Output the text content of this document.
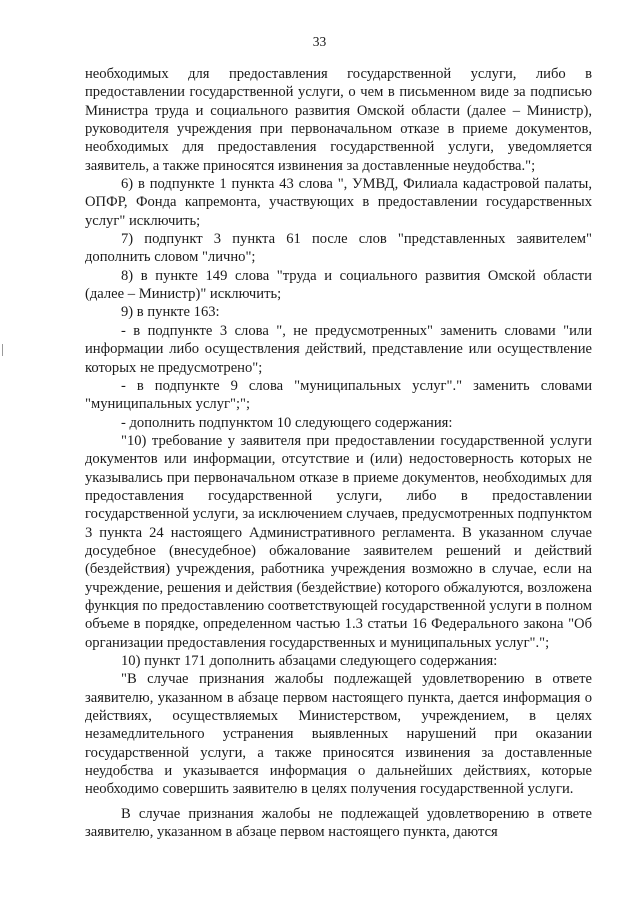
33

необходимых для предоставления государственной услуги, либо в предоставлении государственной услуги, о чем в письменном виде за подписью Министра труда и социального развития Омской области (далее – Министр), руководителя учреждения при первоначальном отказе в приеме документов, необходимых для предоставления государственной услуги, уведомляется заявитель, а также приносятся извинения за доставленные неудобства.";

6) в подпункте 1 пункта 43 слова ", УМВД, Филиала кадастровой палаты, ОПФР, Фонда капремонта, участвующих в предоставлении государственных услуг" исключить;

7) подпункт 3 пункта 61 после слов "представленных заявителем" дополнить словом "лично";

8) в пункте 149 слова "труда и социального развития Омской области (далее – Министр)" исключить;

9) в пункте 163:

- в подпункте 3 слова ", не предусмотренных" заменить словами "или информации либо осуществления действий, представление или осуществление которых не предусмотрено";

- в подпункте 9 слова "муниципальных услуг"." заменить словами "муниципальных услуг";";

- дополнить подпунктом 10 следующего содержания:

"10) требование у заявителя при предоставлении государственной услуги документов или информации, отсутствие и (или) недостоверность которых не указывались при первоначальном отказе в приеме документов, необходимых для предоставления государственной услуги, либо в предоставлении государственной услуги, за исключением случаев, предусмотренных подпунктом 3 пункта 24 настоящего Административного регламента. В указанном случае досудебное (внесудебное) обжалование заявителем решений и действий (бездействия) учреждения, работника учреждения возможно в случае, если на учреждение, решения и действия (бездействие) которого обжалуются, возложена функция по предоставлению соответствующей государственной услуги в полном объеме в порядке, определенном частью 1.3 статьи 16 Федерального закона "Об организации предоставления государственных и муниципальных услуг".";

10) пункт 171 дополнить абзацами следующего содержания:

"В случае признания жалобы подлежащей удовлетворению в ответе заявителю, указанном в абзаце первом настоящего пункта, дается информация о действиях, осуществляемых Министерством, учреждением, в целях незамедлительного устранения выявленных нарушений при оказании государственной услуги, а также приносятся извинения за доставленные неудобства и указывается информация о дальнейших действиях, которые необходимо совершить заявителю в целях получения государственной услуги.

В случае признания жалобы не подлежащей удовлетворению в ответе заявителю, указанном в абзаце первом настоящего пункта, даются
